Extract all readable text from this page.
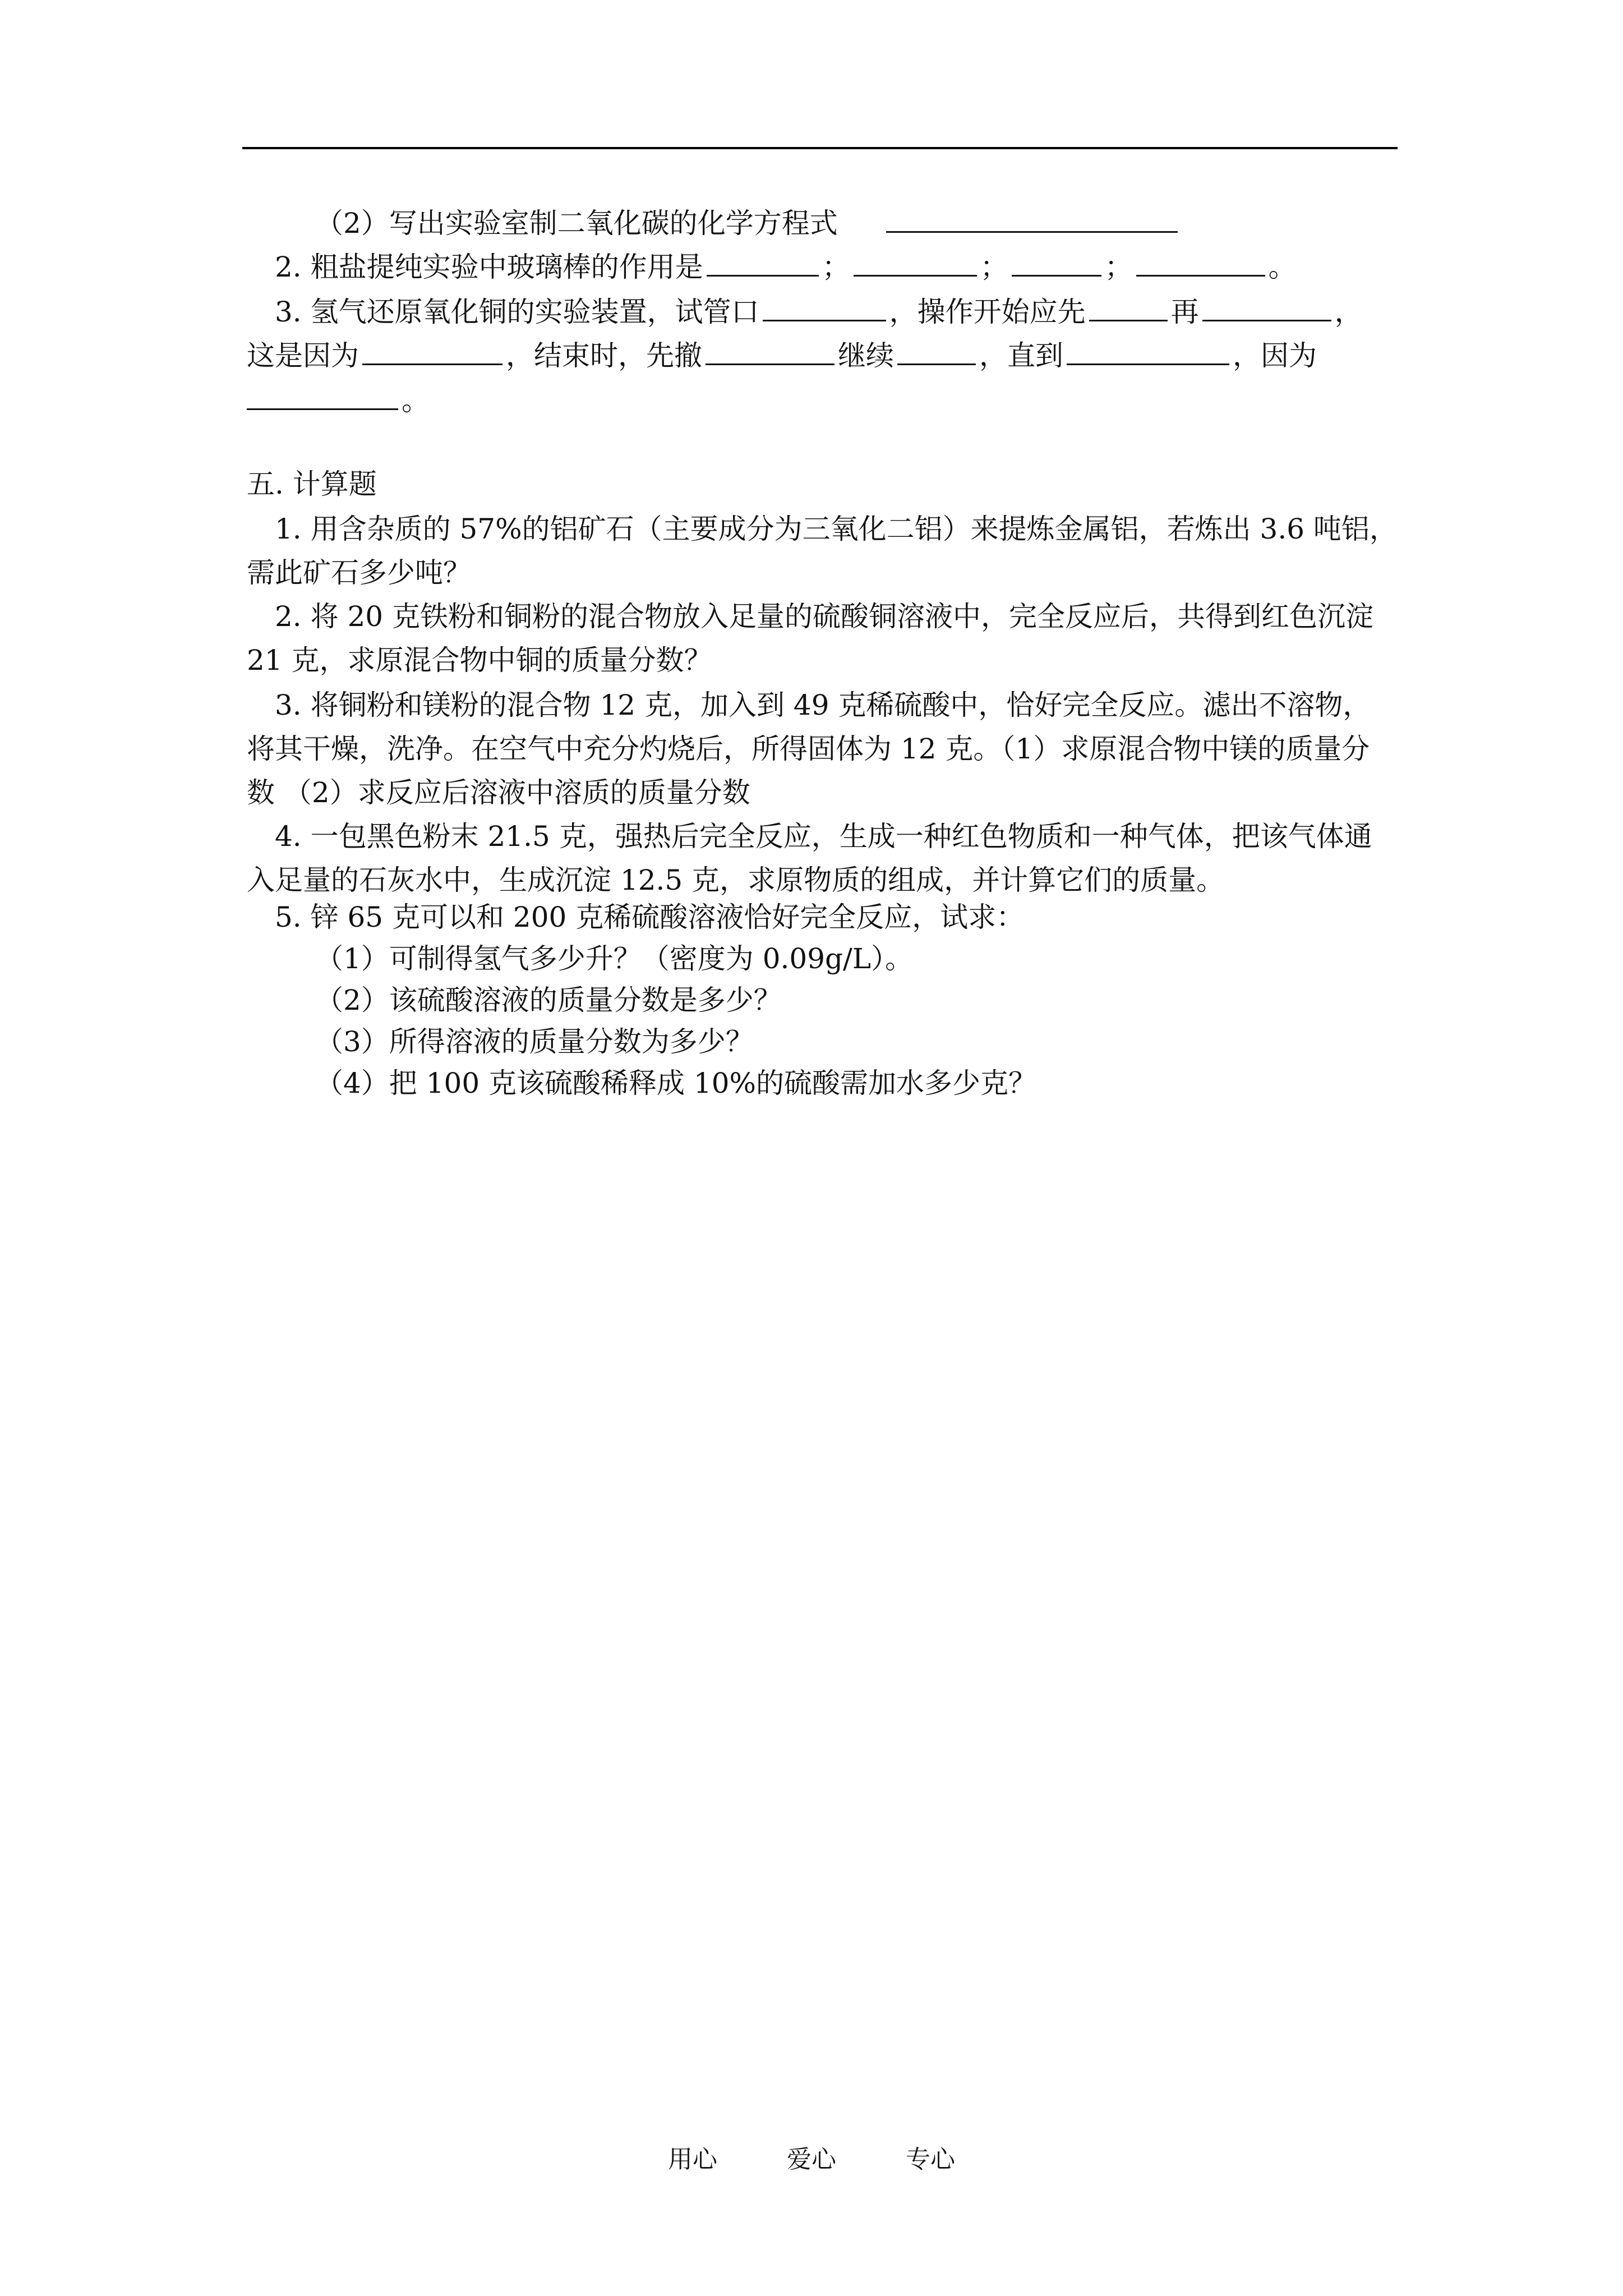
（2）写出实验室制二氧化碳的化学方程式
2. 粗盐提纯实验中玻璃棒的作用是	；	；	；	。
3. 氢气还原氧化铜的实验装置，试管口	，操作开始应先	再	，
这是因为	，结束时，先撤	继续	，直到	，因为
。
五. 计算题
1. 用含杂质的 57%的铝矿石（主要成分为三氧化二铝）来提炼金属铝，若炼出 3.6 吨铝，
需此矿石多少吨？
2. 将 20 克铁粉和铜粉的混合物放入足量的硫酸铜溶液中，完全反应后，共得到红色沉淀
21 克，求原混合物中铜的质量分数？
3. 将铜粉和镁粉的混合物 12 克，加入到 49 克稀硫酸中，恰好完全反应。滤出不溶物，
将其干燥，洗净。在空气中充分灼烧后，所得固体为 12 克。（1）求原混合物中镁的质量分
数 （2）求反应后溶液中溶质的质量分数
4. 一包黑色粉末 21.5 克，强热后完全反应，生成一种红色物质和一种气体，把该气体通
入足量的石灰水中，生成沉淀 12.5 克，求原物质的组成，并计算它们的质量。
5. 锌 65 克可以和 200 克稀硫酸溶液恰好完全反应，试求：
（1）可制得氢气多少升？（密度为 0.09g/L）。
（2）该硫酸溶液的质量分数是多少？
（3）所得溶液的质量分数为多少？
（4）把 100 克该硫酸稀释成 10%的硫酸需加水多少克？
用心	爱心	专心
